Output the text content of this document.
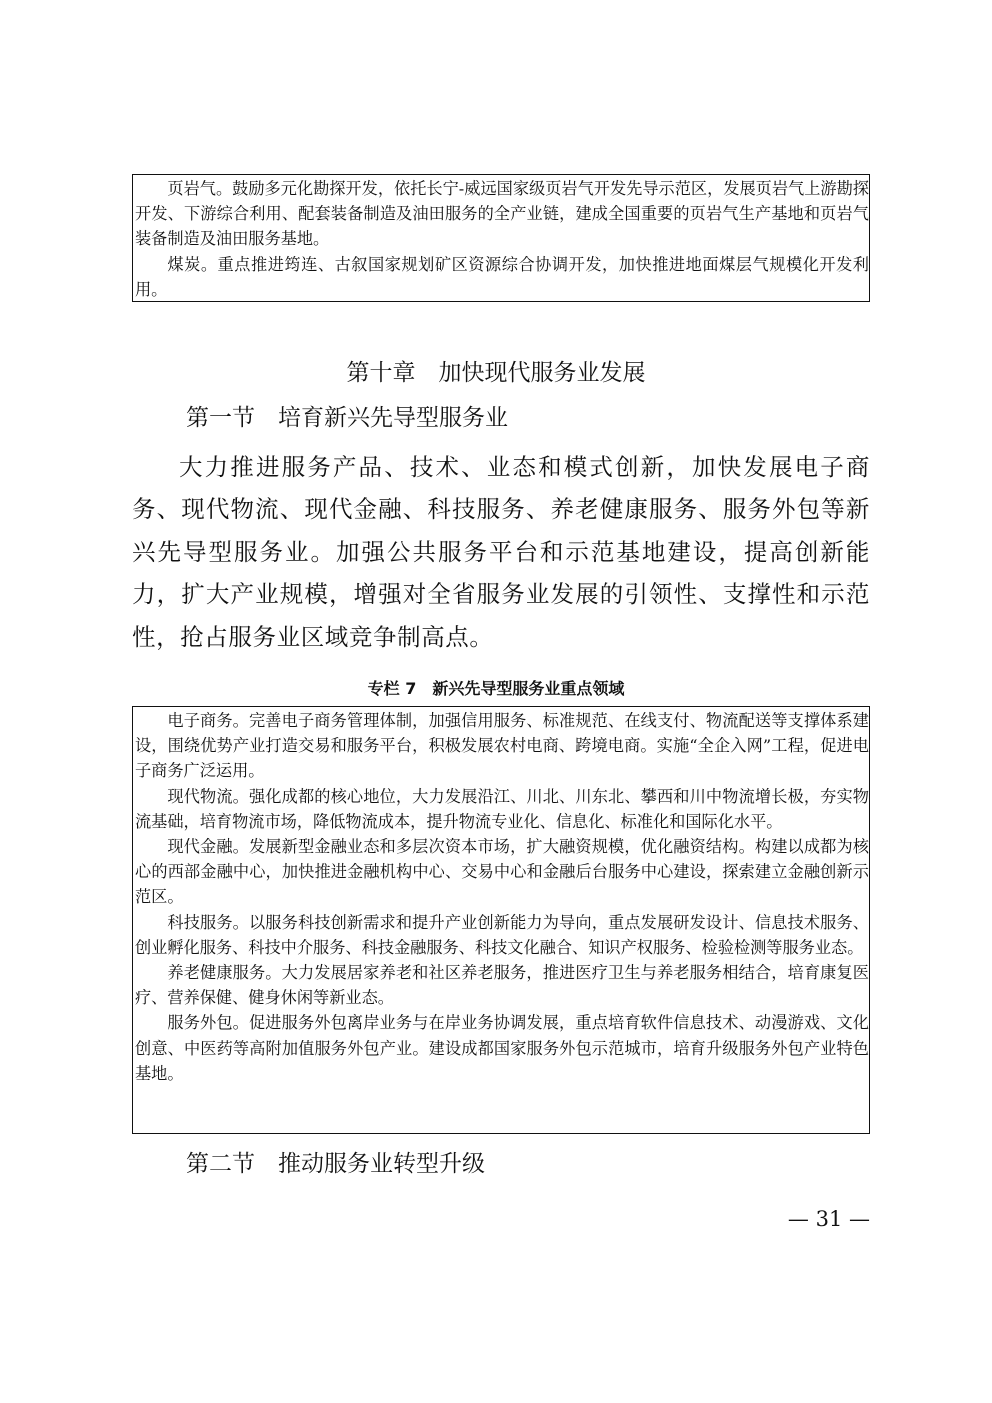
页岩气。鼓励多元化勘探开发，依托长宁-威远国家级页岩气开发先导示范区，发展页岩气上游勘探开发、下游综合利用、配套装备制造及油田服务的全产业链，建成全国重要的页岩气生产基地和页岩气装备制造及油田服务基地。

煤炭。重点推进筠连、古叙国家规划矿区资源综合协调开发，加快推进地面煤层气规模化开发利用。

第十章　加快现代服务业发展
第一节　培育新兴先导型服务业

大力推进服务产品、技术、业态和模式创新，加快发展电子商务、现代物流、现代金融、科技服务、养老健康服务、服务外包等新兴先导型服务业。加强公共服务平台和示范基地建设，提高创新能力，扩大产业规模，增强对全省服务业发展的引领性、支撑性和示范性，抢占服务业区域竞争制高点。

专栏 7　新兴先导型服务业重点领域

电子商务。完善电子商务管理体制，加强信用服务、标准规范、在线支付、物流配送等支撑体系建设，围绕优势产业打造交易和服务平台，积极发展农村电商、跨境电商。实施“全企入网”工程，促进电子商务广泛运用。

现代物流。强化成都的核心地位，大力发展沿江、川北、川东北、攀西和川中物流增长极，夯实物流基础，培育物流市场，降低物流成本，提升物流专业化、信息化、标准化和国际化水平。

现代金融。发展新型金融业态和多层次资本市场，扩大融资规模，优化融资结构。构建以成都为核心的西部金融中心，加快推进金融机构中心、交易中心和金融后台服务中心建设，探索建立金融创新示范区。

科技服务。以服务科技创新需求和提升产业创新能力为导向，重点发展研发设计、信息技术服务、创业孵化服务、科技中介服务、科技金融服务、科技文化融合、知识产权服务、检验检测等服务业态。

养老健康服务。大力发展居家养老和社区养老服务，推进医疗卫生与养老服务相结合，培育康复医疗、营养保健、健身休闲等新业态。

服务外包。促进服务外包离岸业务与在岸业务协调发展，重点培育软件信息技术、动漫游戏、文化创意、中医药等高附加值服务外包产业。建设成都国家服务外包示范城市，培育升级服务外包产业特色基地。

第二节　推动服务业转型升级
— 31 —
